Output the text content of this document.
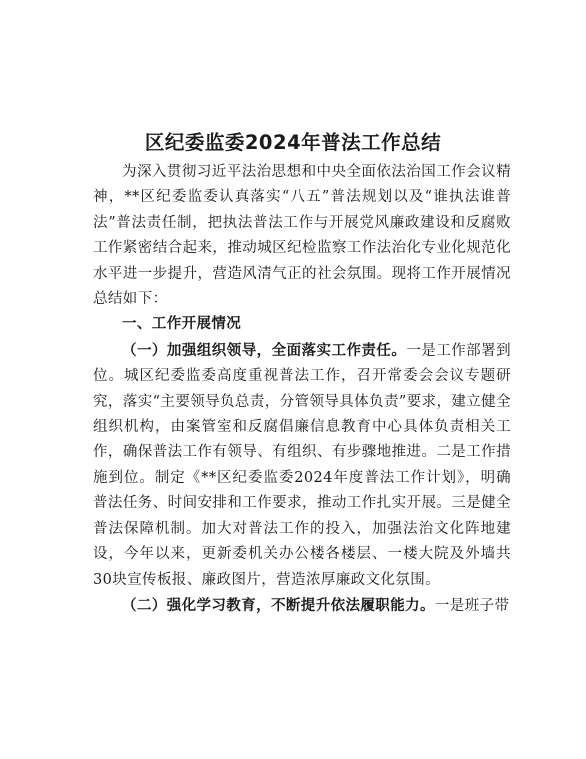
区纪委监委2024年普法工作总结

为深入贯彻习近平法治思想和中央全面依法治国工作会议精神，**区纪委监委认真落实“八五”普法规划以及“谁执法谁普法”普法责任制，把执法普法工作与开展党风廉政建设和反腐败工作紧密结合起来，推动城区纪检监察工作法治化专业化规范化水平进一步提升，营造风清气正的社会氛围。现将工作开展情况总结如下：

一、工作开展情况

（一）加强组织领导，全面落实工作责任。一是工作部署到位。城区纪委监委高度重视普法工作，召开常委会会议专题研究，落实“主要领导负总责，分管领导具体负责”要求，建立健全组织机构，由案管室和反腐倡廉信息教育中心具体负责相关工作，确保普法工作有领导、有组织、有步骤地推进。二是工作措施到位。制定《**区纪委监委2024年度普法工作计划》，明确普法任务、时间安排和工作要求，推动工作扎实开展。三是健全普法保障机制。加大对普法工作的投入，加强法治文化阵地建设，今年以来，更新委机关办公楼各楼层、一楼大院及外墙共30块宣传板报、廉政图片，营造浓厚廉政文化氛围。

（二）强化学习教育，不断提升依法履职能力。一是班子带
